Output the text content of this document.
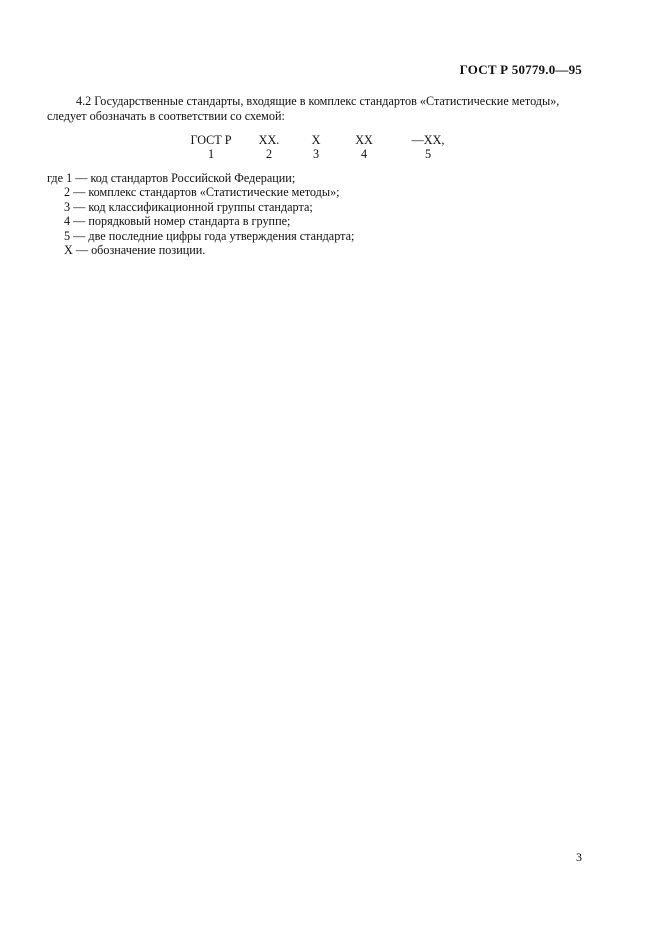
ГОСТ Р 50779.0—95
4.2 Государственные стандарты, входящие в комплекс стандартов «Статистические методы»,
следует обозначать в соответствии со схемой:
ГОСТ Р
1
XX.
2
X
3
XX
4
—XX,
5
где 1 — код стандартов Российской Федерации;
2 — комплекс стандартов «Статистические методы»;
3 — код классификационной группы стандарта;
4 — порядковый номер стандарта в группе;
5 — две последние цифры года утверждения стандарта;
X — обозначение позиции.
3
